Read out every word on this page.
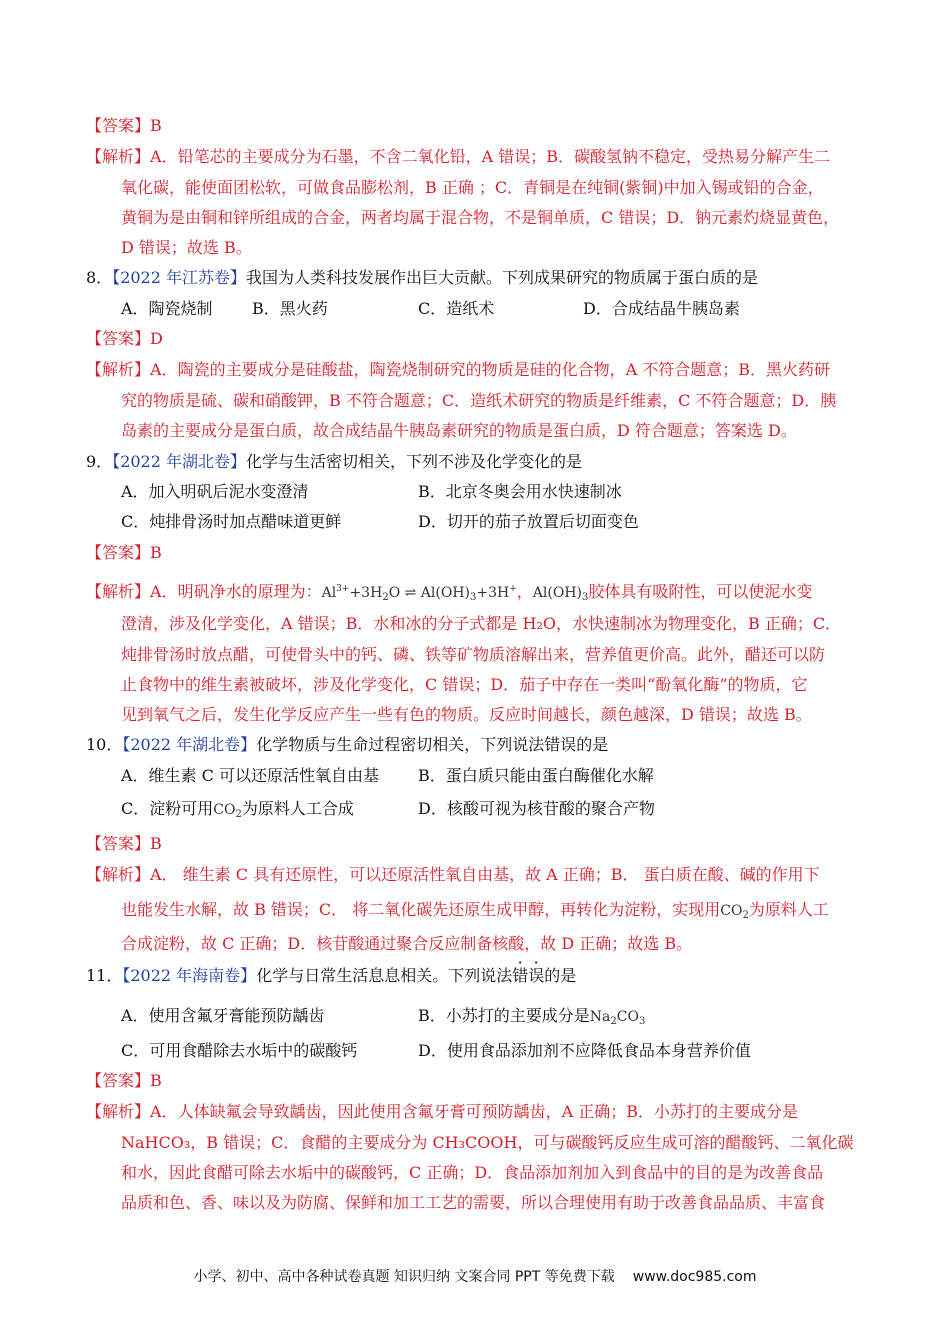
【答案】B
【解析】A．铅笔芯的主要成分为石墨，不含二氧化铅，A 错误；B．碳酸氢钠不稳定，受热易分解产生二
氧化碳，能使面团松软，可做食品膨松剂，B 正确 ；C．青铜是在纯铜(紫铜)中加入锡或铅的合金，
黄铜为是由铜和锌所组成的合金，两者均属于混合物，不是铜单质，C 错误；D．钠元素灼烧显黄色，
D 错误；故选 B。
8．【2022 年江苏卷】我国为人类科技发展作出巨大贡献。下列成果研究的物质属于蛋白质的是
A．陶瓷烧制 B．黑火药	C．造纸术	D．合成结晶牛胰岛素
【答案】D
【解析】A．陶瓷的主要成分是硅酸盐，陶瓷烧制研究的物质是硅的化合物，A 不符合题意；B．黑火药研
究的物质是硫、碳和硝酸钾，B 不符合题意；C．造纸术研究的物质是纤维素，C 不符合题意；D．胰
岛素的主要成分是蛋白质，故合成结晶牛胰岛素研究的物质是蛋白质，D 符合题意；答案选 D。
9．【2022 年湖北卷】化学与生活密切相关，下列不涉及化学变化的是
A．加入明矾后泥水变澄清	B．北京冬奥会用水快速制冰
C．炖排骨汤时加点醋味道更鲜	D．切开的茄子放置后切面变色
【答案】B
【解析】A．明矾净水的原理为：$Al^{3+}+3H_2O$ ⇌ $Al(OH)_3+3H^+$，$Al(OH)_3$胶体具有吸附性，可以使泥水变
澄清，涉及化学变化，A 错误；B．水和冰的分子式都是 H₂O，水快速制冰为物理变化，B 正确；C．
炖排骨汤时放点醋，可使骨头中的钙、磷、铁等矿物质溶解出来，营养值更价高。此外，醋还可以防
止食物中的维生素被破坏，涉及化学变化，C 错误；D．茄子中存在一类叫“酚氧化酶”的物质，它
见到氧气之后，发生化学反应产生一些有色的物质。反应时间越长，颜色越深，D 错误；故选 B。
10．【2022 年湖北卷】化学物质与生命过程密切相关，下列说法错误的是
A．维生素 C 可以还原活性氧自由基 B．蛋白质只能由蛋白酶催化水解
C．淀粉可用$CO_2$为原料人工合成	D．核酸可视为核苷酸的聚合产物
【答案】B
【解析】A． 维生素 C 具有还原性，可以还原活性氧自由基，故 A 正确；B． 蛋白质在酸、碱的作用下
也能发生水解，故 B 错误；C． 将二氧化碳先还原生成甲醇，再转化为淀粉，实现用$CO_2$为原料人工
合成淀粉，故 C 正确；D．核苷酸通过聚合反应制备核酸，故 D 正确；故选 B。
11．【2022 年海南卷】化学与日常生活息息相关。下列说法错误的是
A．使用含氟牙膏能预防龋齿	B．小苏打的主要成分是$Na_2CO_3$
C．可用食醋除去水垢中的碳酸钙	D．使用食品添加剂不应降低食品本身营养价值
【答案】B
【解析】A．人体缺氟会导致龋齿，因此使用含氟牙膏可预防龋齿，A 正确；B．小苏打的主要成分是
NaHCO₃，B 错误；C．食醋的主要成分为 CH₃COOH，可与碳酸钙反应生成可溶的醋酸钙、二氧化碳
和水，因此食醋可除去水垢中的碳酸钙，C 正确；D．食品添加剂加入到食品中的目的是为改善食品
品质和色、香、味以及为防腐、保鲜和加工工艺的需要，所以合理使用有助于改善食品品质、丰富食
小学、初中、高中各种试卷真题 知识归纳 文案合同 PPT 等免费下载 www.doc985.com
